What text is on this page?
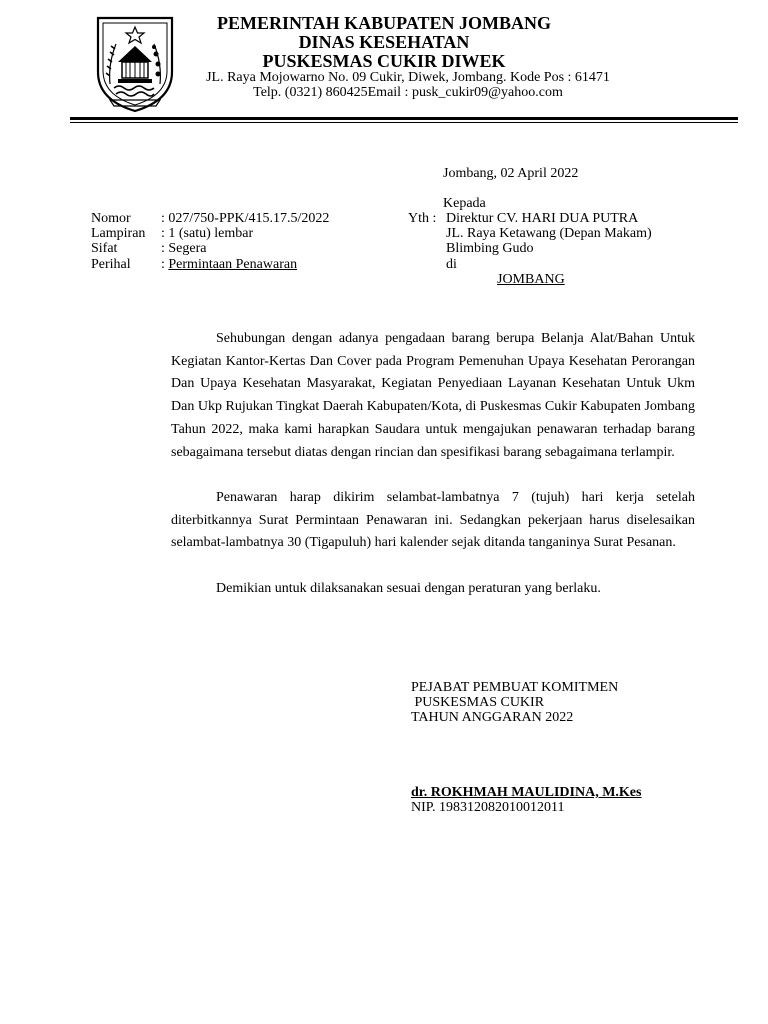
PEMERINTAH KABUPATEN JOMBANG
DINAS KESEHATAN
PUSKESMAS CUKIR DIWEK
JL. Raya Mojowarno No. 09 Cukir, Diwek, Jombang. Kode Pos : 61471
Telp. (0321) 860425Email : pusk_cukir09@yahoo.com
Jombang, 02 April 2022
Kepada
Yth : Direktur CV. HARI DUA PUTRA
JL. Raya Ketawang (Depan Makam)
Blimbing Gudo
di
JOMBANG
Nomor : 027/750-PPK/415.17.5/2022
Lampiran : 1 (satu) lembar
Sifat	: Segera
Perihal : Permintaan Penawaran
Sehubungan dengan adanya pengadaan barang berupa Belanja Alat/Bahan Untuk Kegiatan Kantor-Kertas Dan Cover pada Program Pemenuhan Upaya Kesehatan Perorangan Dan Upaya Kesehatan Masyarakat, Kegiatan Penyediaan Layanan Kesehatan Untuk Ukm Dan Ukp Rujukan Tingkat Daerah Kabupaten/Kota, di Puskesmas Cukir Kabupaten Jombang Tahun 2022, maka kami harapkan Saudara untuk mengajukan penawaran terhadap barang sebagaimana tersebut diatas dengan rincian dan spesifikasi barang sebagaimana terlampir.
Penawaran harap dikirim selambat-lambatnya 7 (tujuh) hari kerja setelah diterbitkannya Surat Permintaan Penawaran ini. Sedangkan pekerjaan harus diselesaikan selambat-lambatnya 30 (Tigapuluh) hari kalender sejak ditanda tanganinya Surat Pesanan.
Demikian untuk dilaksanakan sesuai dengan peraturan yang berlaku.
PEJABAT PEMBUAT KOMITMEN
PUSKESMAS CUKIR
TAHUN ANGGARAN 2022
dr. ROKHMAH MAULIDINA, M.Kes
NIP. 198312082010012011
